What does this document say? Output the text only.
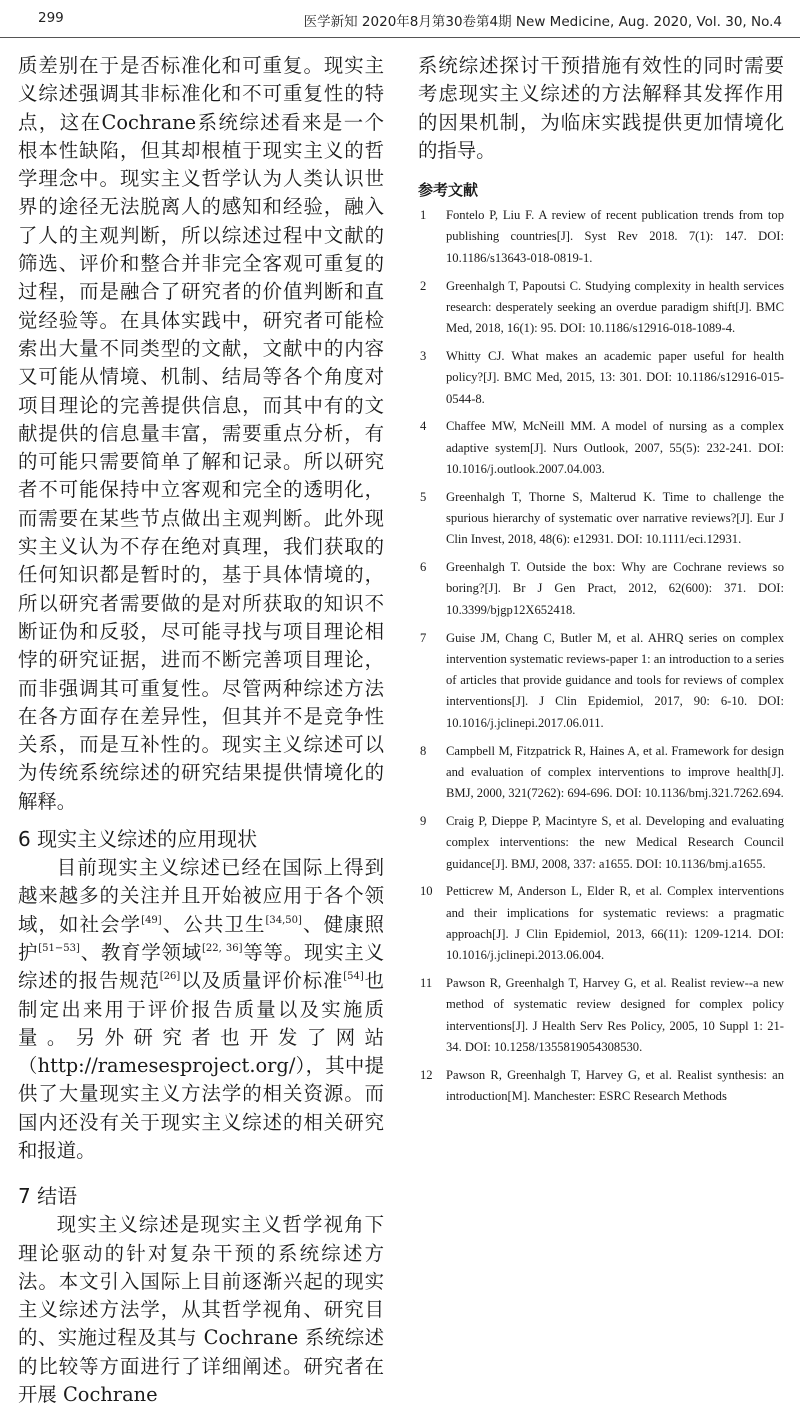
299	医学新知 2020年8月第30卷第4期 New Medicine, Aug. 2020, Vol. 30, No.4

质差别在于是否标准化和可重复。现实主义综述强调其非标准化和不可重复性的特点，这在Cochrane系统综述看来是一个根本性缺陷，但其却根植于现实主义的哲学理念中。现实主义哲学认为人类认识世界的途径无法脱离人的感知和经验，融入了人的主观判断，所以综述过程中文献的筛选、评价和整合并非完全客观可重复的过程，而是融合了研究者的价值判断和直觉经验等。在具体实践中，研究者可能检索出大量不同类型的文献，文献中的内容又可能从情境、机制、结局等各个角度对项目理论的完善提供信息，而其中有的文献提供的信息量丰富，需要重点分析，有的可能只需要简单了解和记录。所以研究者不可能保持中立客观和完全的透明化，而需要在某些节点做出主观判断。此外现实主义认为不存在绝对真理，我们获取的任何知识都是暂时的，基于具体情境的，所以研究者需要做的是对所获取的知识不断证伪和反驳，尽可能寻找与项目理论相悖的研究证据，进而不断完善项目理论，而非强调其可重复性。尽管两种综述方法在各方面存在差异性，但其并不是竞争性关系，而是互补性的。现实主义综述可以为传统系统综述的研究结果提供情境化的解释。

6 现实主义综述的应用现状

目前现实主义综述已经在国际上得到越来越多的关注并且开始被应用于各个领域，如社会学[49]、公共卫生[34,50]、健康照护[51−53]、教育学领域[22, 36]等等。现实主义综述的报告规范[26]以及质量评价标准[54]也制定出来用于评价报告质量以及实施质量。另外研究者也开发了网站（http://ramesesproject.org/），其中提供了大量现实主义方法学的相关资源。而国内还没有关于现实主义综述的相关研究和报道。

7 结语

现实主义综述是现实主义哲学视角下理论驱动的针对复杂干预的系统综述方法。本文引入国际上目前逐渐兴起的现实主义综述方法学，从其哲学视角、研究目的、实施过程及其与 Cochrane 系统综述的比较等方面进行了详细阐述。研究者在开展 Cochrane

系统综述探讨干预措施有效性的同时需要考虑现实主义综述的方法解释其发挥作用的因果机制，为临床实践提供更加情境化的指导。

参考文献
1 Fontelo P, Liu F. A review of recent publication trends from top publishing countries[J]. Syst Rev 2018. 7(1): 147. DOI: 10.1186/s13643-018-0819-1.
2 Greenhalgh T, Papoutsi C. Studying complexity in health services research: desperately seeking an overdue paradigm shift[J]. BMC Med, 2018, 16(1): 95. DOI: 10.1186/s12916-018-1089-4.
3 Whitty CJ. What makes an academic paper useful for health policy?[J]. BMC Med, 2015, 13: 301. DOI: 10.1186/s12916-015-0544-8.
4 Chaffee MW, McNeill MM. A model of nursing as a complex adaptive system[J]. Nurs Outlook, 2007, 55(5): 232-241. DOI: 10.1016/j.outlook.2007.04.003.
5 Greenhalgh T, Thorne S, Malterud K. Time to challenge the spurious hierarchy of systematic over narrative reviews?[J]. Eur J Clin Invest, 2018, 48(6): e12931. DOI: 10.1111/eci.12931.
6 Greenhalgh T. Outside the box: Why are Cochrane reviews so boring?[J]. Br J Gen Pract, 2012, 62(600): 371. DOI: 10.3399/bjgp12X652418.
7 Guise JM, Chang C, Butler M, et al. AHRQ series on complex intervention systematic reviews-paper 1: an introduction to a series of articles that provide guidance and tools for reviews of complex interventions[J]. J Clin Epidemiol, 2017, 90: 6-10. DOI: 10.1016/j.jclinepi.2017.06.011.
8 Campbell M, Fitzpatrick R, Haines A, et al. Framework for design and evaluation of complex interventions to improve health[J]. BMJ, 2000, 321(7262): 694-696. DOI: 10.1136/bmj.321.7262.694.
9 Craig P, Dieppe P, Macintyre S, et al. Developing and evaluating complex interventions: the new Medical Research Council guidance[J]. BMJ, 2008, 337: a1655. DOI: 10.1136/bmj.a1655.
10 Petticrew M, Anderson L, Elder R, et al. Complex interventions and their implications for systematic reviews: a pragmatic approach[J]. J Clin Epidemiol, 2013, 66(11): 1209-1214. DOI: 10.1016/j.jclinepi.2013.06.004.
11 Pawson R, Greenhalgh T, Harvey G, et al. Realist review--a new method of systematic review designed for complex policy interventions[J]. J Health Serv Res Policy, 2005, 10 Suppl 1: 21-34. DOI: 10.1258/1355819054308530.
12 Pawson R, Greenhalgh T, Harvey G, et al. Realist synthesis: an introduction[M]. Manchester: ESRC Research Methods
